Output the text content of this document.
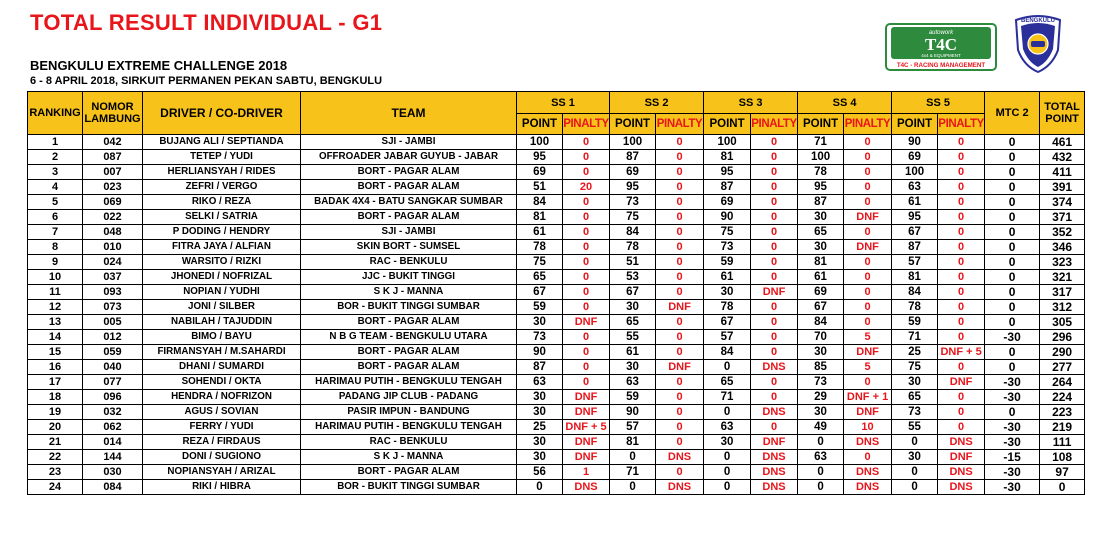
TOTAL RESULT INDIVIDUAL - G1
BENGKULU EXTREME CHALLENGE 2018
6 - 8 APRIL 2018, SIRKUIT PERMANEN PEKAN SABTU, BENGKULU
autowork
T4C
4x4 & EQUIPMENT
T4C - RACING MANAGEMENT
BENGKULU
RANKING	NOMOR LAMBUNG	DRIVER / CO-DRIVER	TEAM	SS 1		SS 2		SS 3		SS 4		SS 5		MTC 2	TOTAL POINT
				POINT	PINALTY	POINT	PINALTY	POINT	PINALTY	POINT	PINALTY	POINT	PINALTY		
1	042	BUJANG ALI / SEPTIANDA	SJI - JAMBI	100	0	100	0	100	0	71	0	90	0	0	461
2	087	TETEP / YUDI	OFFROADER JABAR GUYUB - JABAR	95	0	87	0	81	0	100	0	69	0	0	432
3	007	HERLIANSYAH / RIDES	BORT - PAGAR ALAM	69	0	69	0	95	0	78	0	100	0	0	411
4	023	ZEFRI / VERGO	BORT - PAGAR ALAM	51	20	95	0	87	0	95	0	63	0	0	391
5	069	RIKO / REZA	BADAK 4X4 - BATU SANGKAR SUMBAR	84	0	73	0	69	0	87	0	61	0	0	374
6	022	SELKI / SATRIA	BORT - PAGAR ALAM	81	0	75	0	90	0	30	DNF	95	0	0	371
7	048	P DODING / HENDRY	SJI - JAMBI	61	0	84	0	75	0	65	0	67	0	0	352
8	010	FITRA JAYA / ALFIAN	SKIN BORT - SUMSEL	78	0	78	0	73	0	30	DNF	87	0	0	346
9	024	WARSITO / RIZKI	RAC - BENKULU	75	0	51	0	59	0	81	0	57	0	0	323
10	037	JHONEDI / NOFRIZAL	JJC - BUKIT TINGGI	65	0	53	0	61	0	61	0	81	0	0	321
11	093	NOPIAN / YUDHI	S K J - MANNA	67	0	67	0	30	DNF	69	0	84	0	0	317
12	073	JONI / SILBER	BOR - BUKIT TINGGI SUMBAR	59	0	30	DNF	78	0	67	0	78	0	0	312
13	005	NABILAH / TAJUDDIN	BORT - PAGAR ALAM	30	DNF	65	0	67	0	84	0	59	0	0	305
14	012	BIMO / BAYU	N B G TEAM - BENGKULU UTARA	73	0	55	0	57	0	70	5	71	0	-30	296
15	059	FIRMANSYAH / M.SAHARDI	BORT - PAGAR ALAM	90	0	61	0	84	0	30	DNF	25	DNF + 5	0	290
16	040	DHANI / SUMARDI	BORT - PAGAR ALAM	87	0	30	DNF	0	DNS	85	5	75	0	0	277
17	077	SOHENDI / OKTA	HARIMAU PUTIH - BENGKULU TENGAH	63	0	63	0	65	0	73	0	30	DNF	-30	264
18	096	HENDRA / NOFRIZON	PADANG JIP CLUB - PADANG	30	DNF	59	0	71	0	29	DNF + 1	65	0	-30	224
19	032	AGUS / SOVIAN	PASIR IMPUN - BANDUNG	30	DNF	90	0	0	DNS	30	DNF	73	0	0	223
20	062	FERRY / YUDI	HARIMAU PUTIH - BENGKULU TENGAH	25	DNF + 5	57	0	63	0	49	10	55	0	-30	219
21	014	REZA / FIRDAUS	RAC - BENKULU	30	DNF	81	0	30	DNF	0	DNS	0	DNS	-30	111
22	144	DONI / SUGIONO	S K J - MANNA	30	DNF	0	DNS	0	DNS	63	0	30	DNF	-15	108
23	030	NOPIANSYAH / ARIZAL	BORT - PAGAR ALAM	56	1	71	0	0	DNS	0	DNS	0	DNS	-30	97
24	084	RIKI / HIBRA	BOR - BUKIT TINGGI SUMBAR	0	DNS	0	DNS	0	DNS	0	DNS	0	DNS	-30	0
